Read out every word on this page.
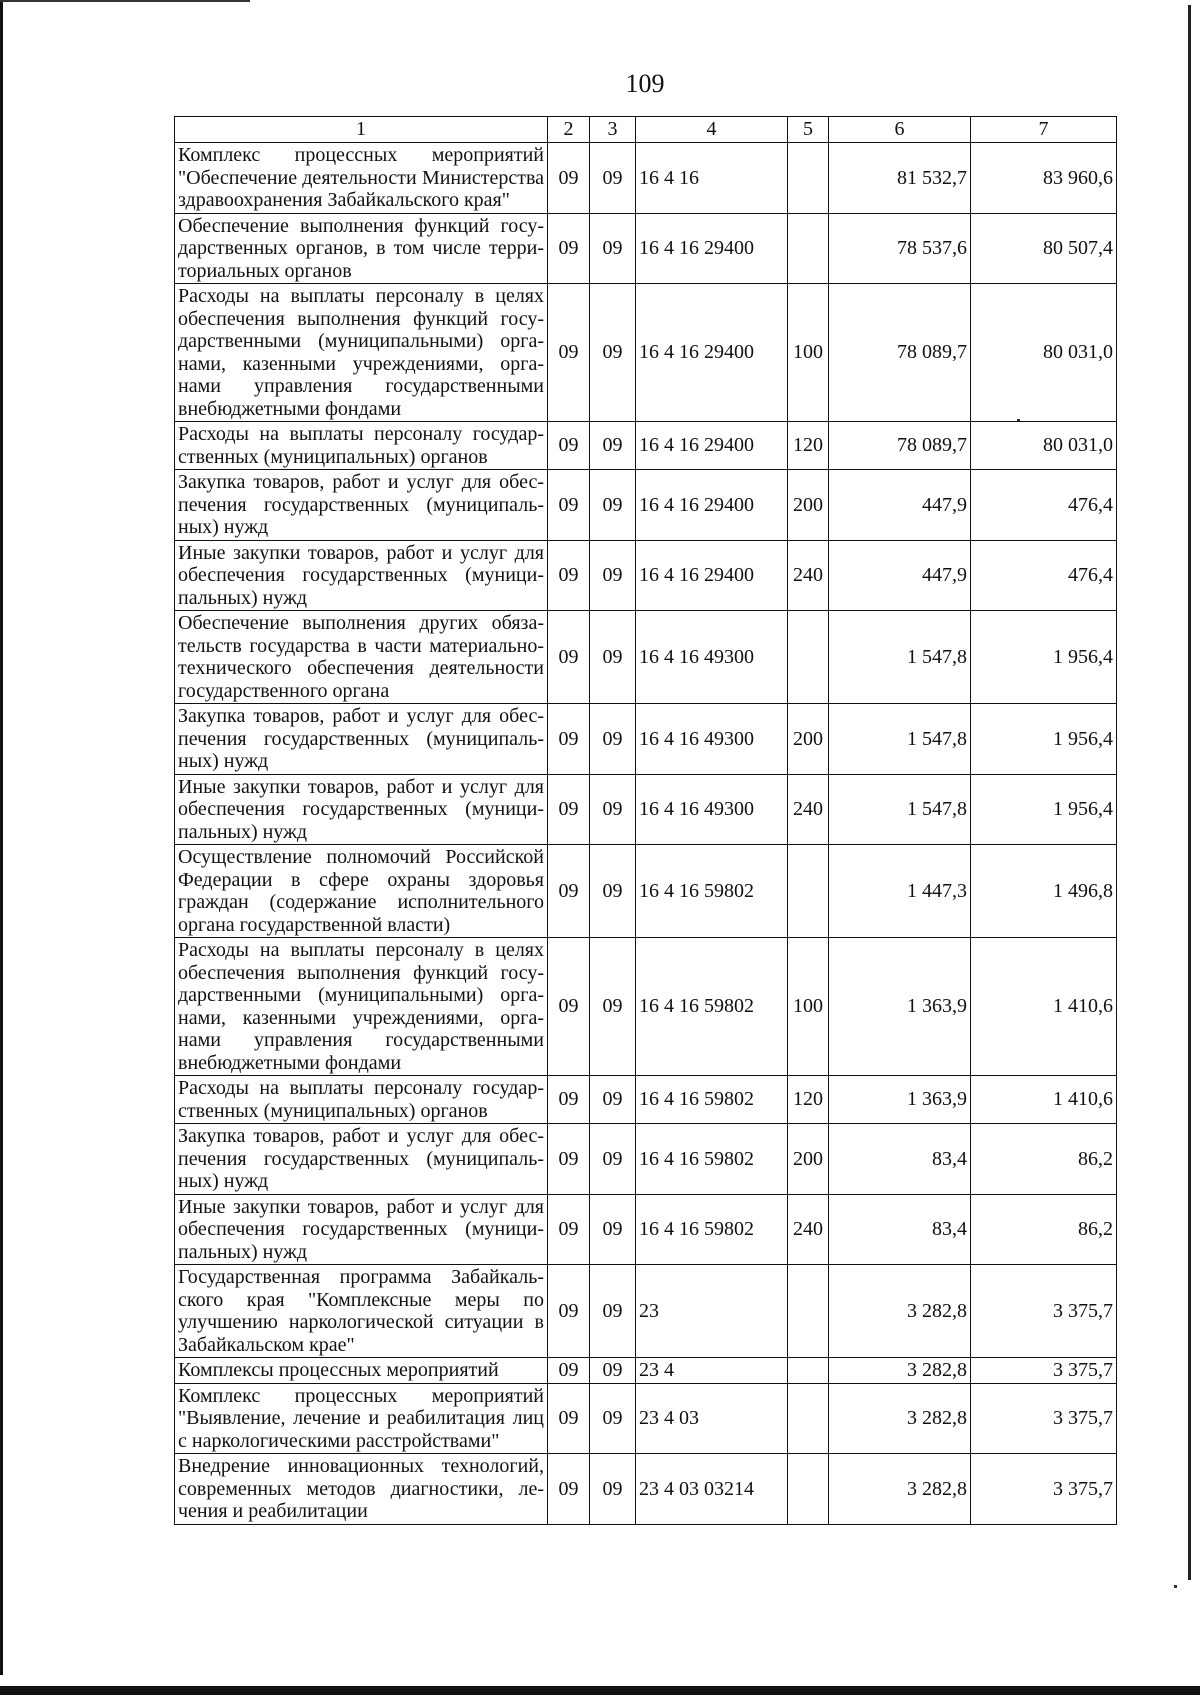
109
1	2	3	4	5	6	7
Комплекс процессных мероприятий "Обеспечение деятельности Министерства здравоохранения Забайкальского края"	09	09	16 4 16		81 532,7	83 960,6
Обеспечение выполнения функций государственных органов, в том числе территориальных органов	09	09	16 4 16 29400		78 537,6	80 507,4
Расходы на выплаты персоналу в целях обеспечения выполнения функций государственными (муниципальными) органами, казенными учреждениями, органами управления государственными внебюджетными фондами	09	09	16 4 16 29400	100	78 089,7	80 031,0
Расходы на выплаты персоналу государственных (муниципальных) органов	09	09	16 4 16 29400	120	78 089,7	80 031,0
Закупка товаров, работ и услуг для обеспечения государственных (муниципальных) нужд	09	09	16 4 16 29400	200	447,9	476,4
Иные закупки товаров, работ и услуг для обеспечения государственных (муниципальных) нужд	09	09	16 4 16 29400	240	447,9	476,4
Обеспечение выполнения других обязательств государства в части материально-технического обеспечения деятельности государственного органа	09	09	16 4 16 49300		1 547,8	1 956,4
Закупка товаров, работ и услуг для обеспечения государственных (муниципальных) нужд	09	09	16 4 16 49300	200	1 547,8	1 956,4
Иные закупки товаров, работ и услуг для обеспечения государственных (муниципальных) нужд	09	09	16 4 16 49300	240	1 547,8	1 956,4
Осуществление полномочий Российской Федерации в сфере охраны здоровья граждан (содержание исполнительного органа государственной власти)	09	09	16 4 16 59802		1 447,3	1 496,8
Расходы на выплаты персоналу в целях обеспечения выполнения функций государственными (муниципальными) органами, казенными учреждениями, органами управления государственными внебюджетными фондами	09	09	16 4 16 59802	100	1 363,9	1 410,6
Расходы на выплаты персоналу государственных (муниципальных) органов	09	09	16 4 16 59802	120	1 363,9	1 410,6
Закупка товаров, работ и услуг для обеспечения государственных (муниципальных) нужд	09	09	16 4 16 59802	200	83,4	86,2
Иные закупки товаров, работ и услуг для обеспечения государственных (муниципальных) нужд	09	09	16 4 16 59802	240	83,4	86,2
Государственная программа Забайкальского края "Комплексные меры по улучшению наркологической ситуации в Забайкальском крае"	09	09	23		3 282,8	3 375,7
Комплексы процессных мероприятий	09	09	23 4		3 282,8	3 375,7
Комплекс процессных мероприятий "Выявление, лечение и реабилитация лиц с наркологическими расстройствами"	09	09	23 4 03		3 282,8	3 375,7
Внедрение инновационных технологий, современных методов диагностики, лечения и реабилитации	09	09	23 4 03 03214		3 282,8	3 375,7
